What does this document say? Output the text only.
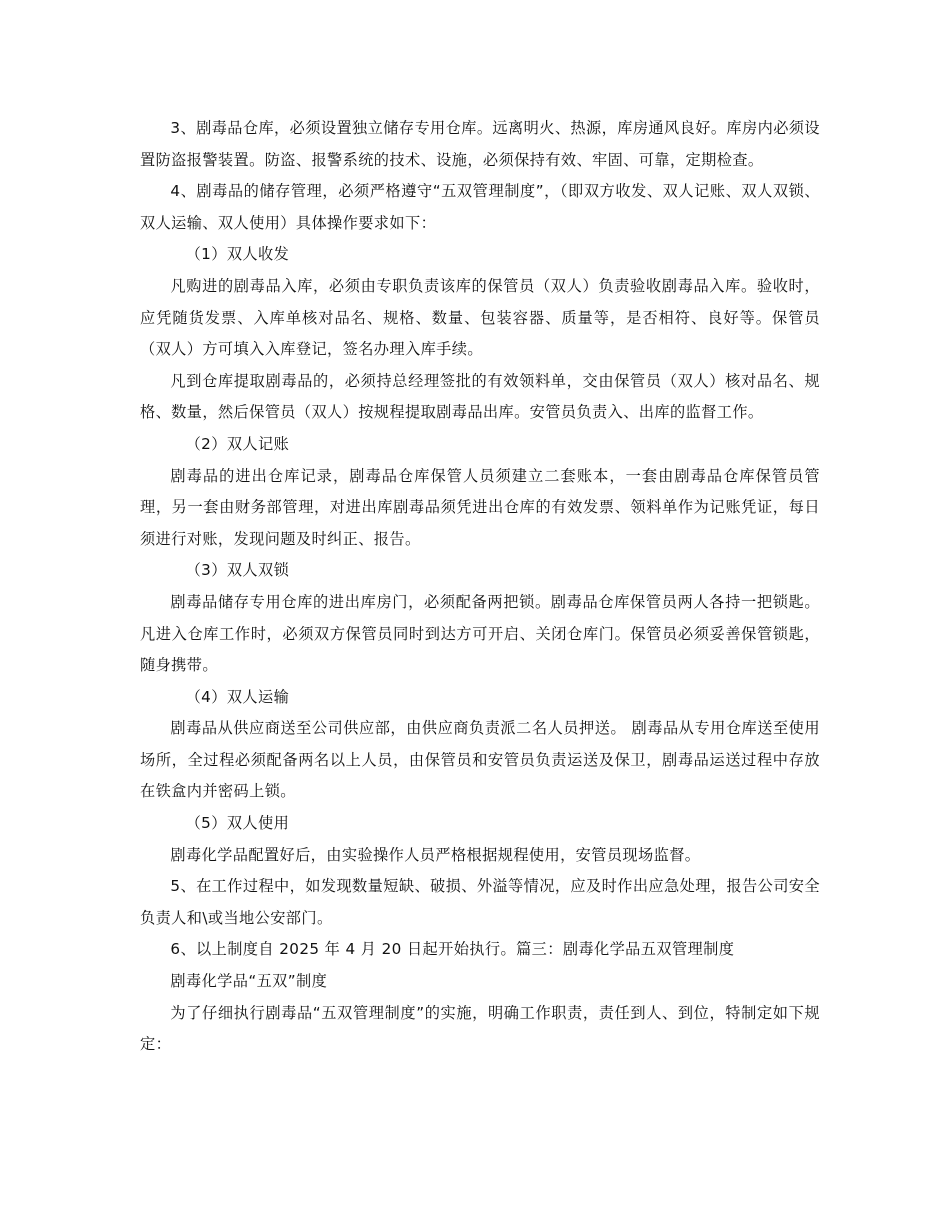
3、剧毒品仓库，必须设置独立储存专用仓库。远离明火、热源，库房通风良好。库房内必须设置防盗报警装置。防盗、报警系统的技术、设施，必须保持有效、牢固、可靠，定期检查。

4、剧毒品的储存管理，必须严格遵守“五双管理制度”，（即双方收发、双人记账、双人双锁、双人运输、双人使用）具体操作要求如下：

（1）双人收发

凡购进的剧毒品入库，必须由专职负责该库的保管员（双人）负责验收剧毒品入库。验收时，应凭随货发票、入库单核对品名、规格、数量、包装容器、质量等，是否相符、良好等。保管员（双人）方可填入入库登记，签名办理入库手续。

凡到仓库提取剧毒品的，必须持总经理签批的有效领料单，交由保管员（双人）核对品名、规格、数量，然后保管员（双人）按规程提取剧毒品出库。安管员负责入、出库的监督工作。

（2）双人记账

剧毒品的进出仓库记录，剧毒品仓库保管人员须建立二套账本，一套由剧毒品仓库保管员管理，另一套由财务部管理，对进出库剧毒品须凭进出仓库的有效发票、领料单作为记账凭证，每日须进行对账，发现问题及时纠正、报告。

（3）双人双锁

剧毒品储存专用仓库的进出库房门，必须配备两把锁。剧毒品仓库保管员两人各持一把锁匙。凡进入仓库工作时，必须双方保管员同时到达方可开启、关闭仓库门。保管员必须妥善保管锁匙，随身携带。

（4）双人运输

剧毒品从供应商送至公司供应部，由供应商负责派二名人员押送。 剧毒品从专用仓库送至使用场所，全过程必须配备两名以上人员，由保管员和安管员负责运送及保卫，剧毒品运送过程中存放在铁盒内并密码上锁。

（5）双人使用

剧毒化学品配置好后，由实验操作人员严格根据规程使用，安管员现场监督。

5、在工作过程中，如发现数量短缺、破损、外溢等情况，应及时作出应急处理，报告公司安全负责人和\或当地公安部门。

6、以上制度自 2025 年 4 月 20 日起开始执行。篇三：剧毒化学品五双管理制度

剧毒化学品“五双”制度

为了仔细执行剧毒品“五双管理制度”的实施，明确工作职责，责任到人、到位，特制定如下规定：
